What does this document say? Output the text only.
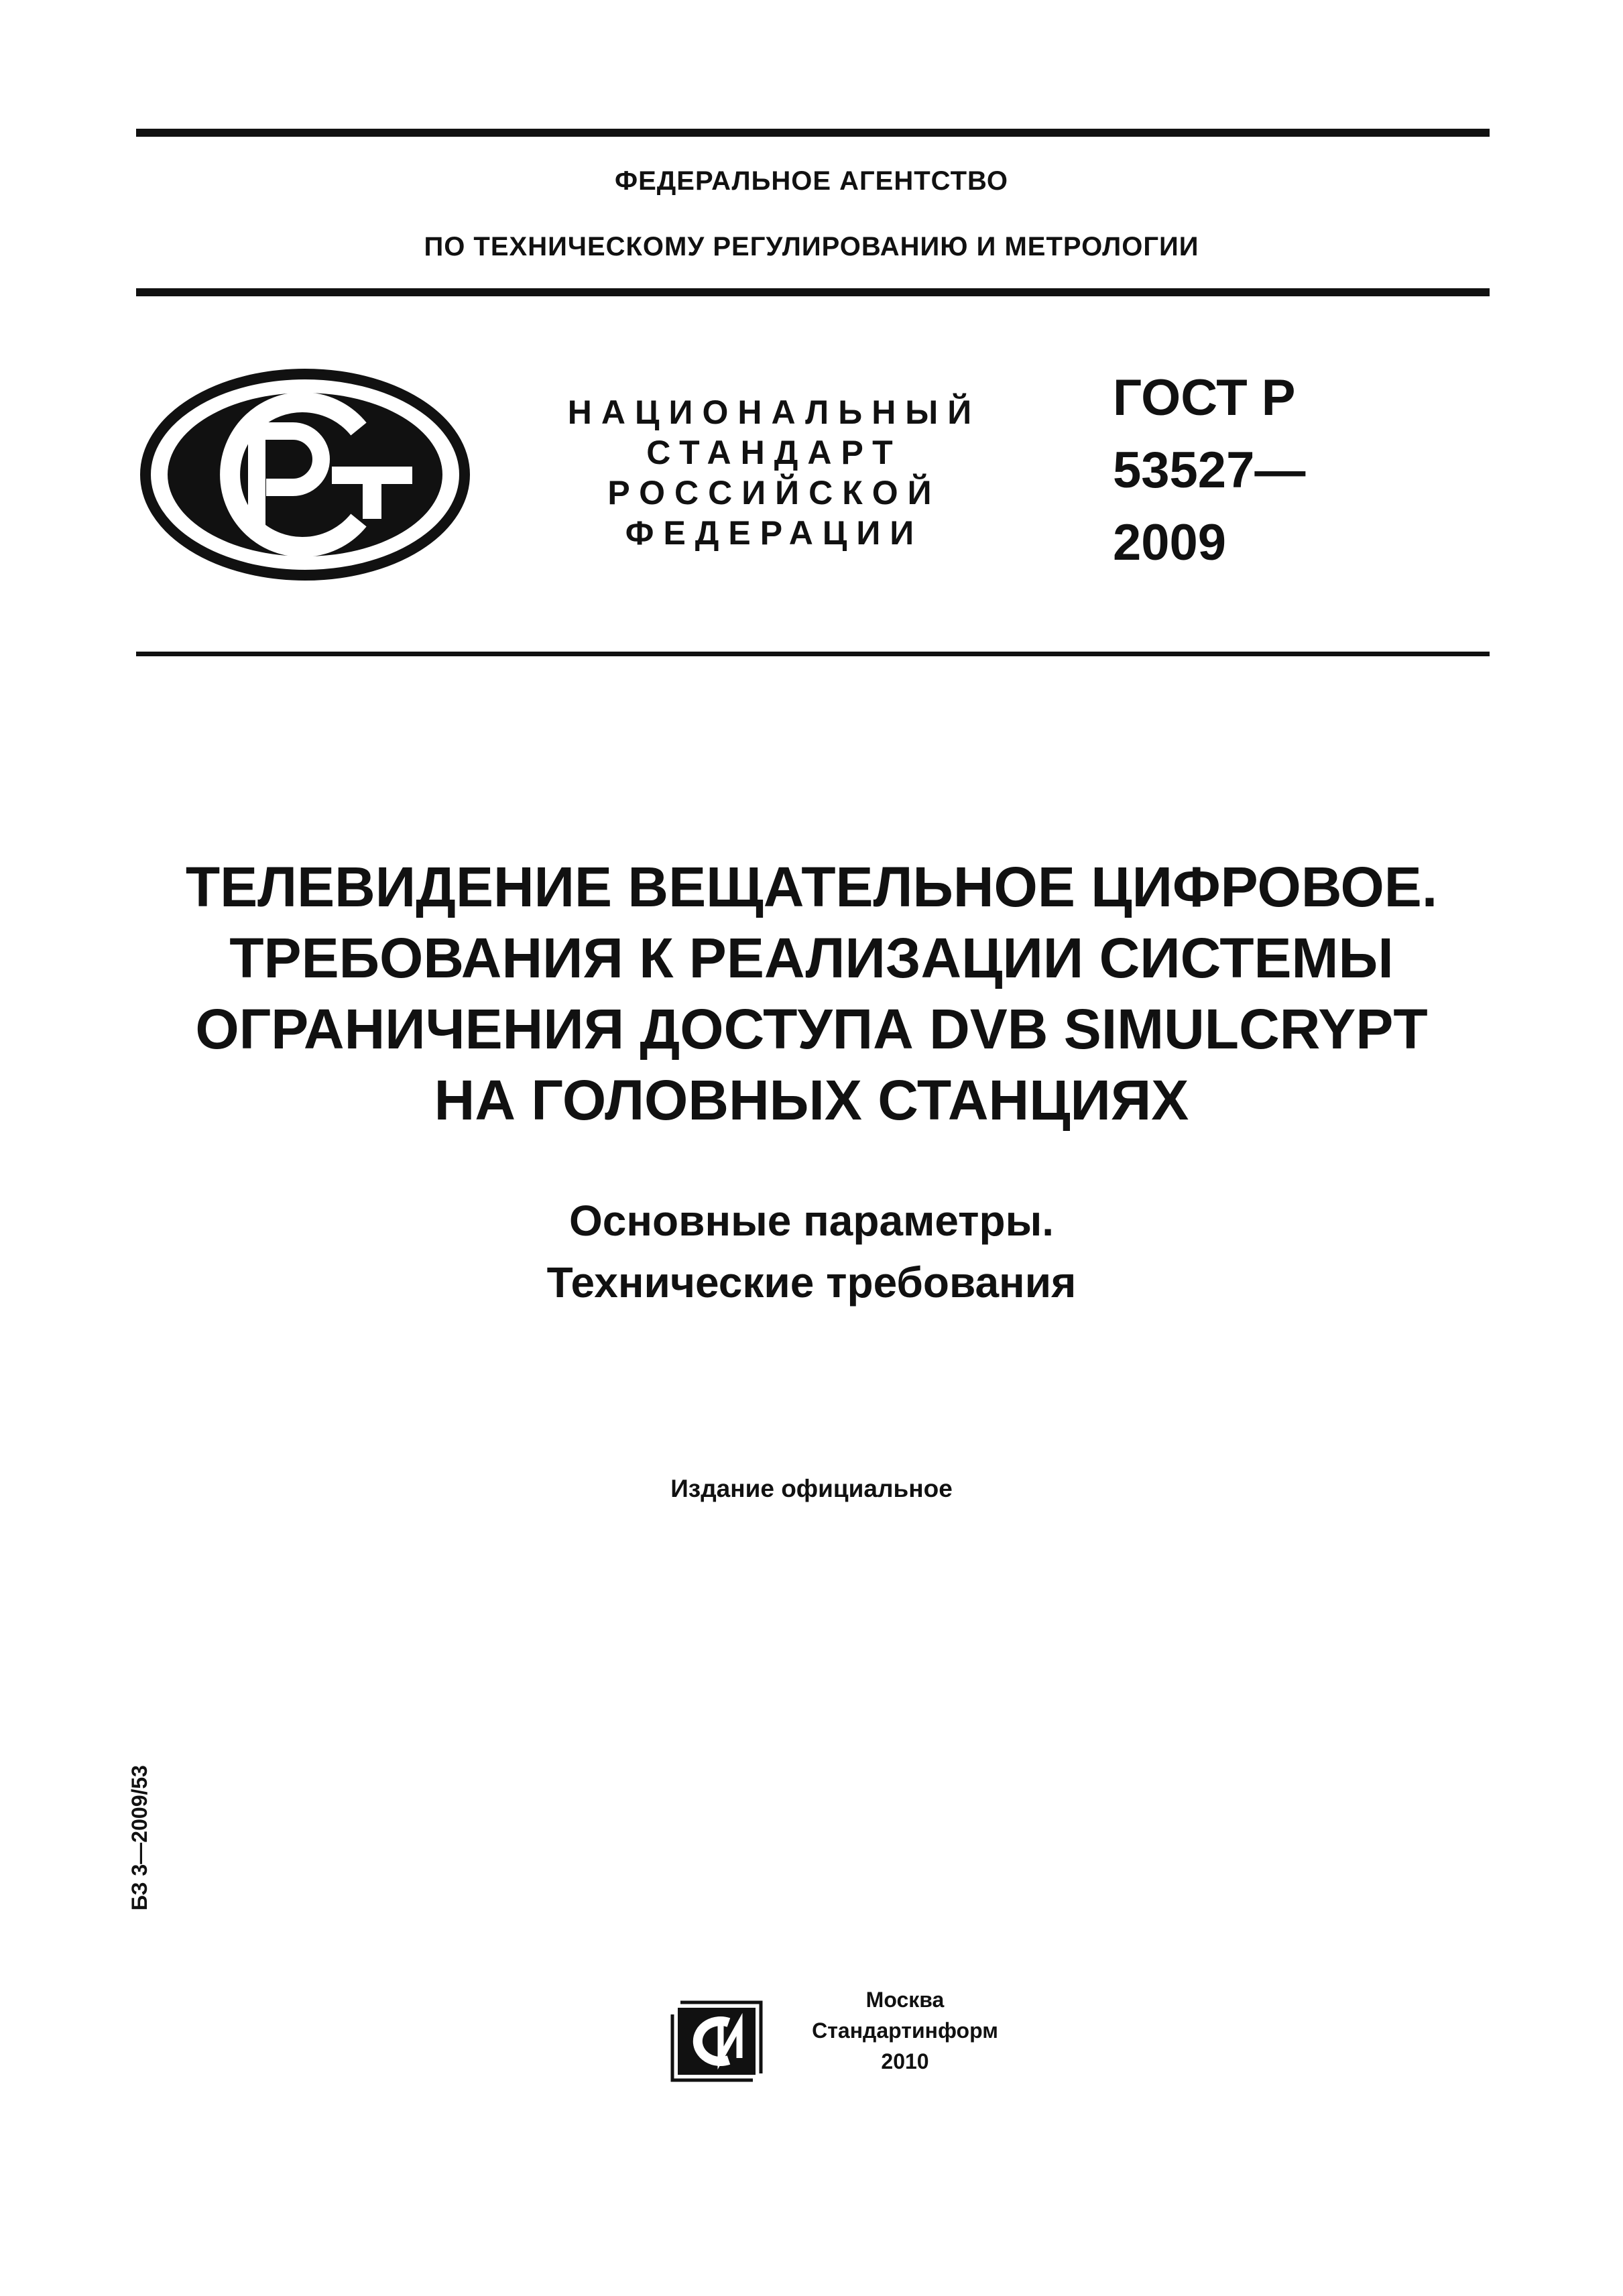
ФЕДЕРАЛЬНОЕ АГЕНТСТВО
ПО ТЕХНИЧЕСКОМУ РЕГУЛИРОВАНИЮ И МЕТРОЛОГИИ
НАЦИОНАЛЬНЫЙ
СТАНДАРТ
РОССИЙСКОЙ
ФЕДЕРАЦИИ
ГОСТ Р
53527—
2009
ТЕЛЕВИДЕНИЕ ВЕЩАТЕЛЬНОЕ ЦИФРОВОЕ.
ТРЕБОВАНИЯ К РЕАЛИЗАЦИИ СИСТЕМЫ
ОГРАНИЧЕНИЯ ДОСТУПА DVB SIMULCRYPT
НА ГОЛОВНЫХ СТАНЦИЯХ
Основные параметры.
Технические требования
Издание официальное
БЗ 3—2009/53
Москва
Стандартинформ
2010
